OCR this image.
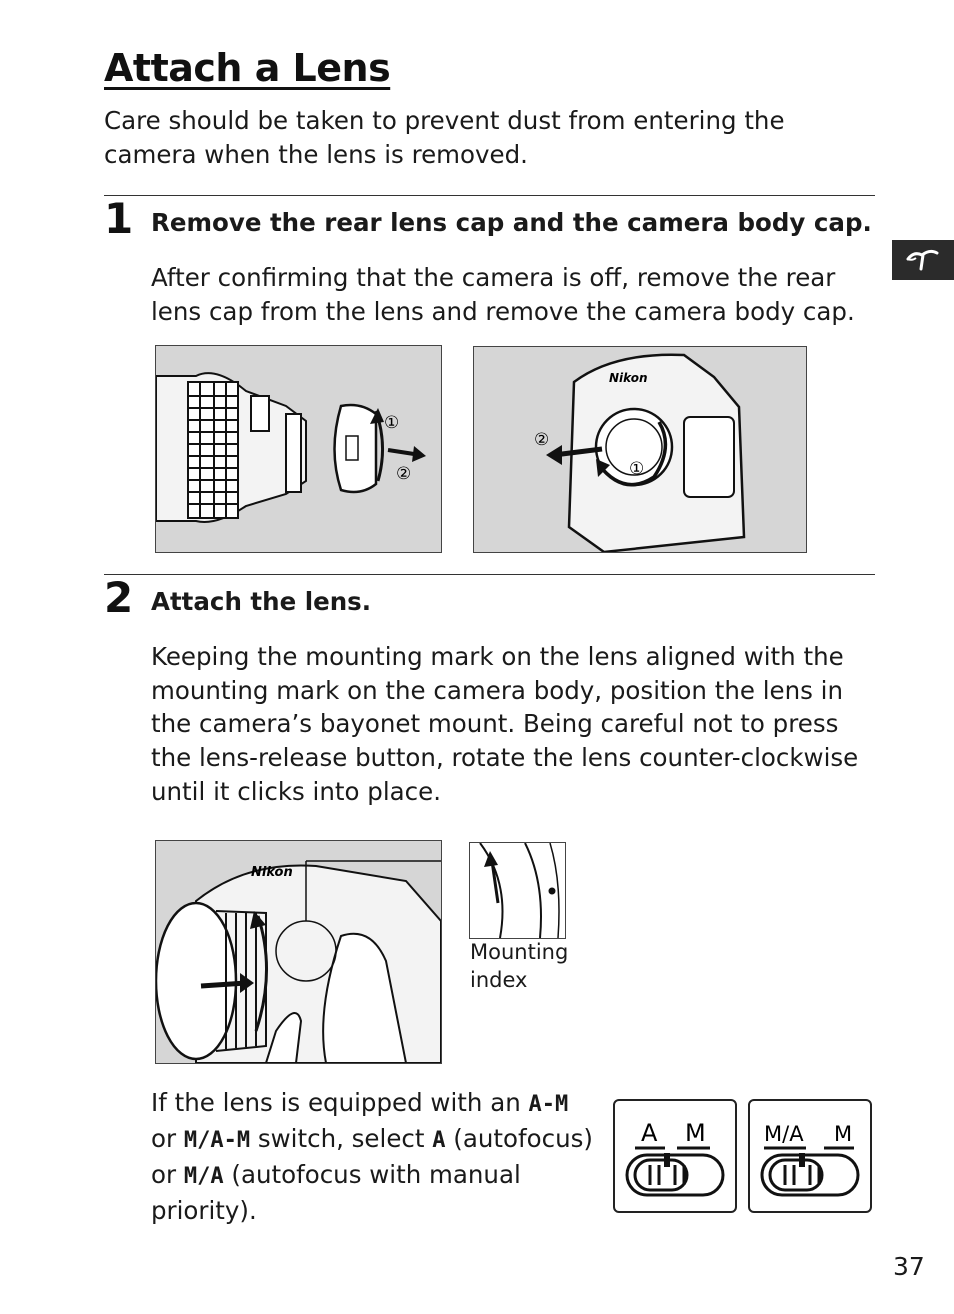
Attach a Lens

Care should be taken to prevent dust from entering the camera when the lens is removed.

1 Remove the rear lens cap and the camera body cap.

After confirming that the camera is off, remove the rear lens cap from the lens and remove the camera body cap.

①
②
Nikon
②
①
2 Attach the lens.

Keeping the mounting mark on the lens aligned with the mounting mark on the camera body, position the lens in the camera’s bayonet mount. Being careful not to press the lens-release button, rotate the lens counter-clockwise until it clicks into place.

Nikon

Mounting
index

If the lens is equipped with an A-M or M/A-M switch, select A (autofocus) or M/A (autofocus with manual priority).

A M	M/A M

37
